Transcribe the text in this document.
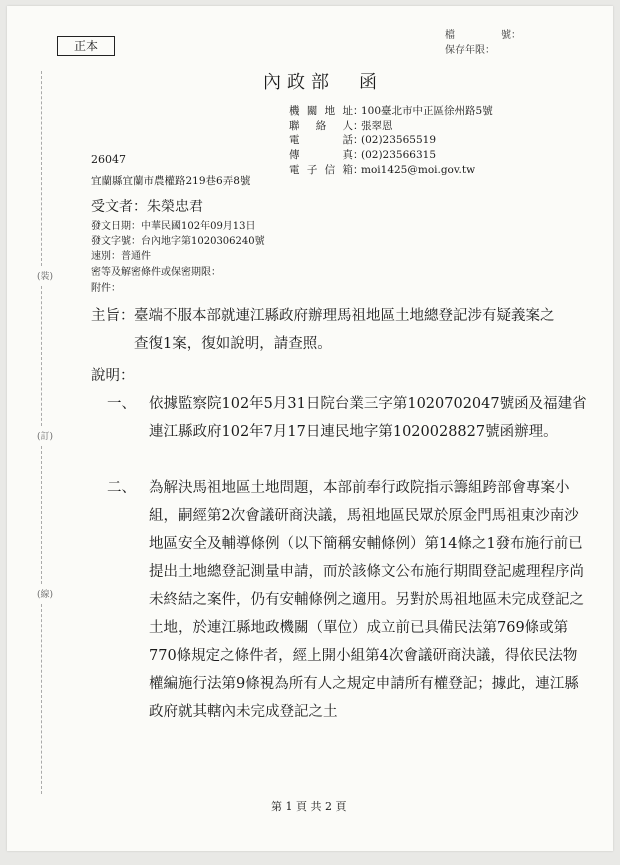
正本
檔	號：
保存年限：
內政部　函
機關地址 ：
100臺北市中正區徐州路5號
聯絡人 ：
張翠恩
電話 ：
(02)23565519
傳真 ：
(02)23566315
電子信箱 ：
moi1425@moi.gov.tw
26047
宜蘭縣宜蘭市農權路219巷6弄8號
受文者：朱榮忠君
發文日期：中華民國102年09月13日
發文字號：台內地字第1020306240號
速別：普通件
密等及解密條件或保密期限：
附件：
(裝)
(訂)
(線)
主旨： 臺端不服本部就連江縣政府辦理馬祖地區土地總登記涉有疑義案之查復1案，復如說明，請查照。
說明：
一、 依據監察院102年5月31日院台業三字第1020702047號函及福建省連江縣政府102年7月17日連民地字第1020028827號函辦理。
二、 為解決馬祖地區土地問題，本部前奉行政院指示籌組跨部會專案小組，嗣經第2次會議研商決議，馬祖地區民眾於原金門馬祖東沙南沙地區安全及輔導條例（以下簡稱安輔條例）第14條之1發布施行前已提出土地總登記測量申請，而於該條文公布施行期間登記處理程序尚未終結之案件，仍有安輔條例之適用。另對於馬祖地區未完成登記之土地，於連江縣地政機關（單位）成立前已具備民法第769條或第770條規定之條件者，經上開小組第4次會議研商決議，得依民法物權編施行法第9條視為所有人之規定申請所有權登記；據此，連江縣政府就其轄內未完成登記之土
第 1 頁 共 2 頁
